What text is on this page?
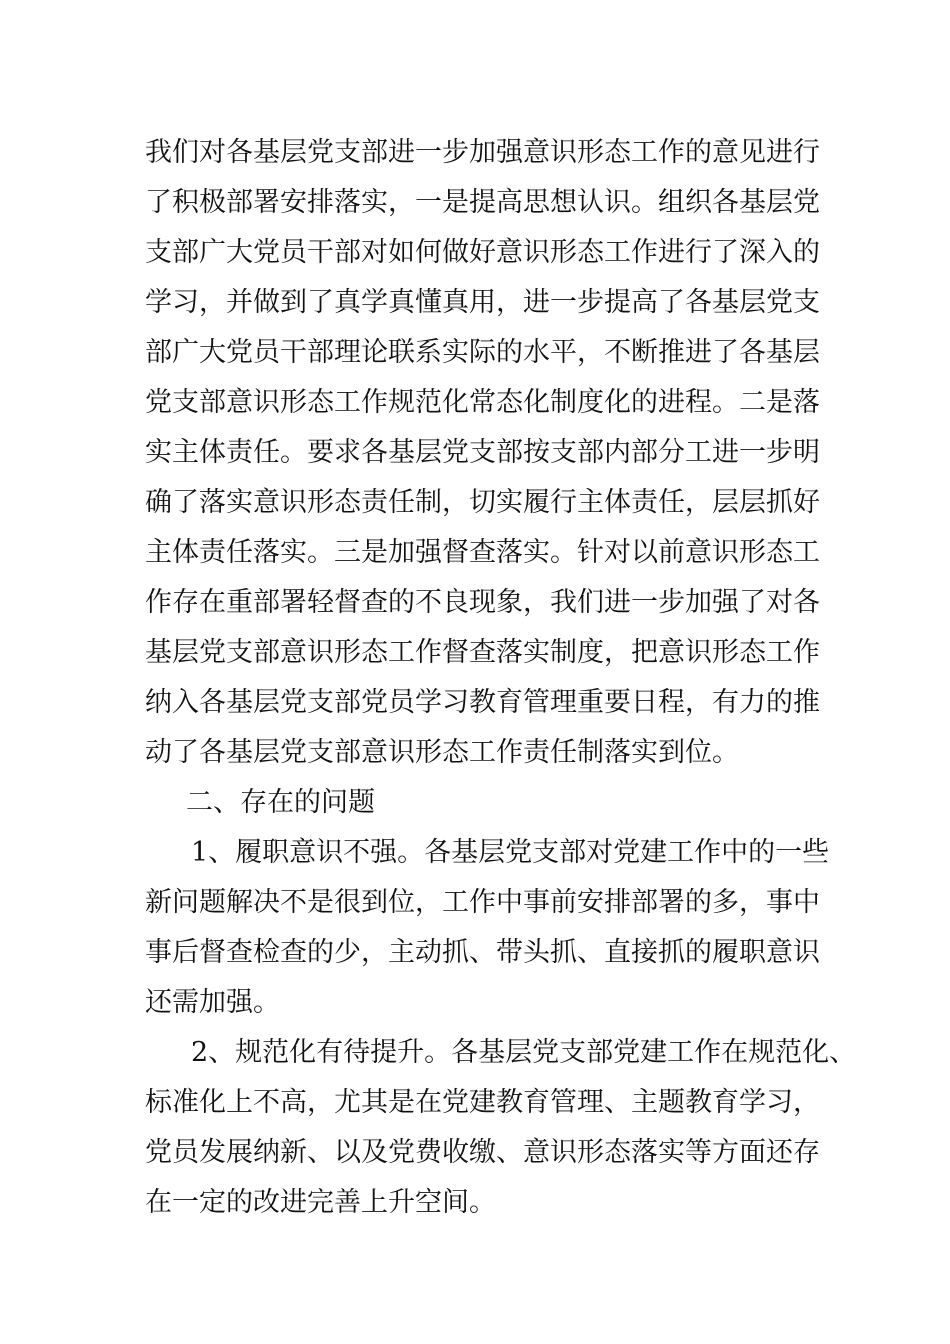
我们对各基层党支部进一步加强意识形态工作的意见进行
了积极部署安排落实，一是提高思想认识。组织各基层党
支部广大党员干部对如何做好意识形态工作进行了深入的
学习，并做到了真学真懂真用，进一步提高了各基层党支
部广大党员干部理论联系实际的水平，不断推进了各基层
党支部意识形态工作规范化常态化制度化的进程。二是落
实主体责任。要求各基层党支部按支部内部分工进一步明
确了落实意识形态责任制，切实履行主体责任，层层抓好
主体责任落实。三是加强督查落实。针对以前意识形态工
作存在重部署轻督查的不良现象，我们进一步加强了对各
基层党支部意识形态工作督查落实制度，把意识形态工作
纳入各基层党支部党员学习教育管理重要日程，有力的推
动了各基层党支部意识形态工作责任制落实到位。
二、存在的问题
1、履职意识不强。各基层党支部对党建工作中的一些
新问题解决不是很到位，工作中事前安排部署的多，事中
事后督查检查的少，主动抓、带头抓、直接抓的履职意识
还需加强。
2、规范化有待提升。各基层党支部党建工作在规范化、
标准化上不高，尤其是在党建教育管理、主题教育学习，
党员发展纳新、以及党费收缴、意识形态落实等方面还存
在一定的改进完善上升空间。
